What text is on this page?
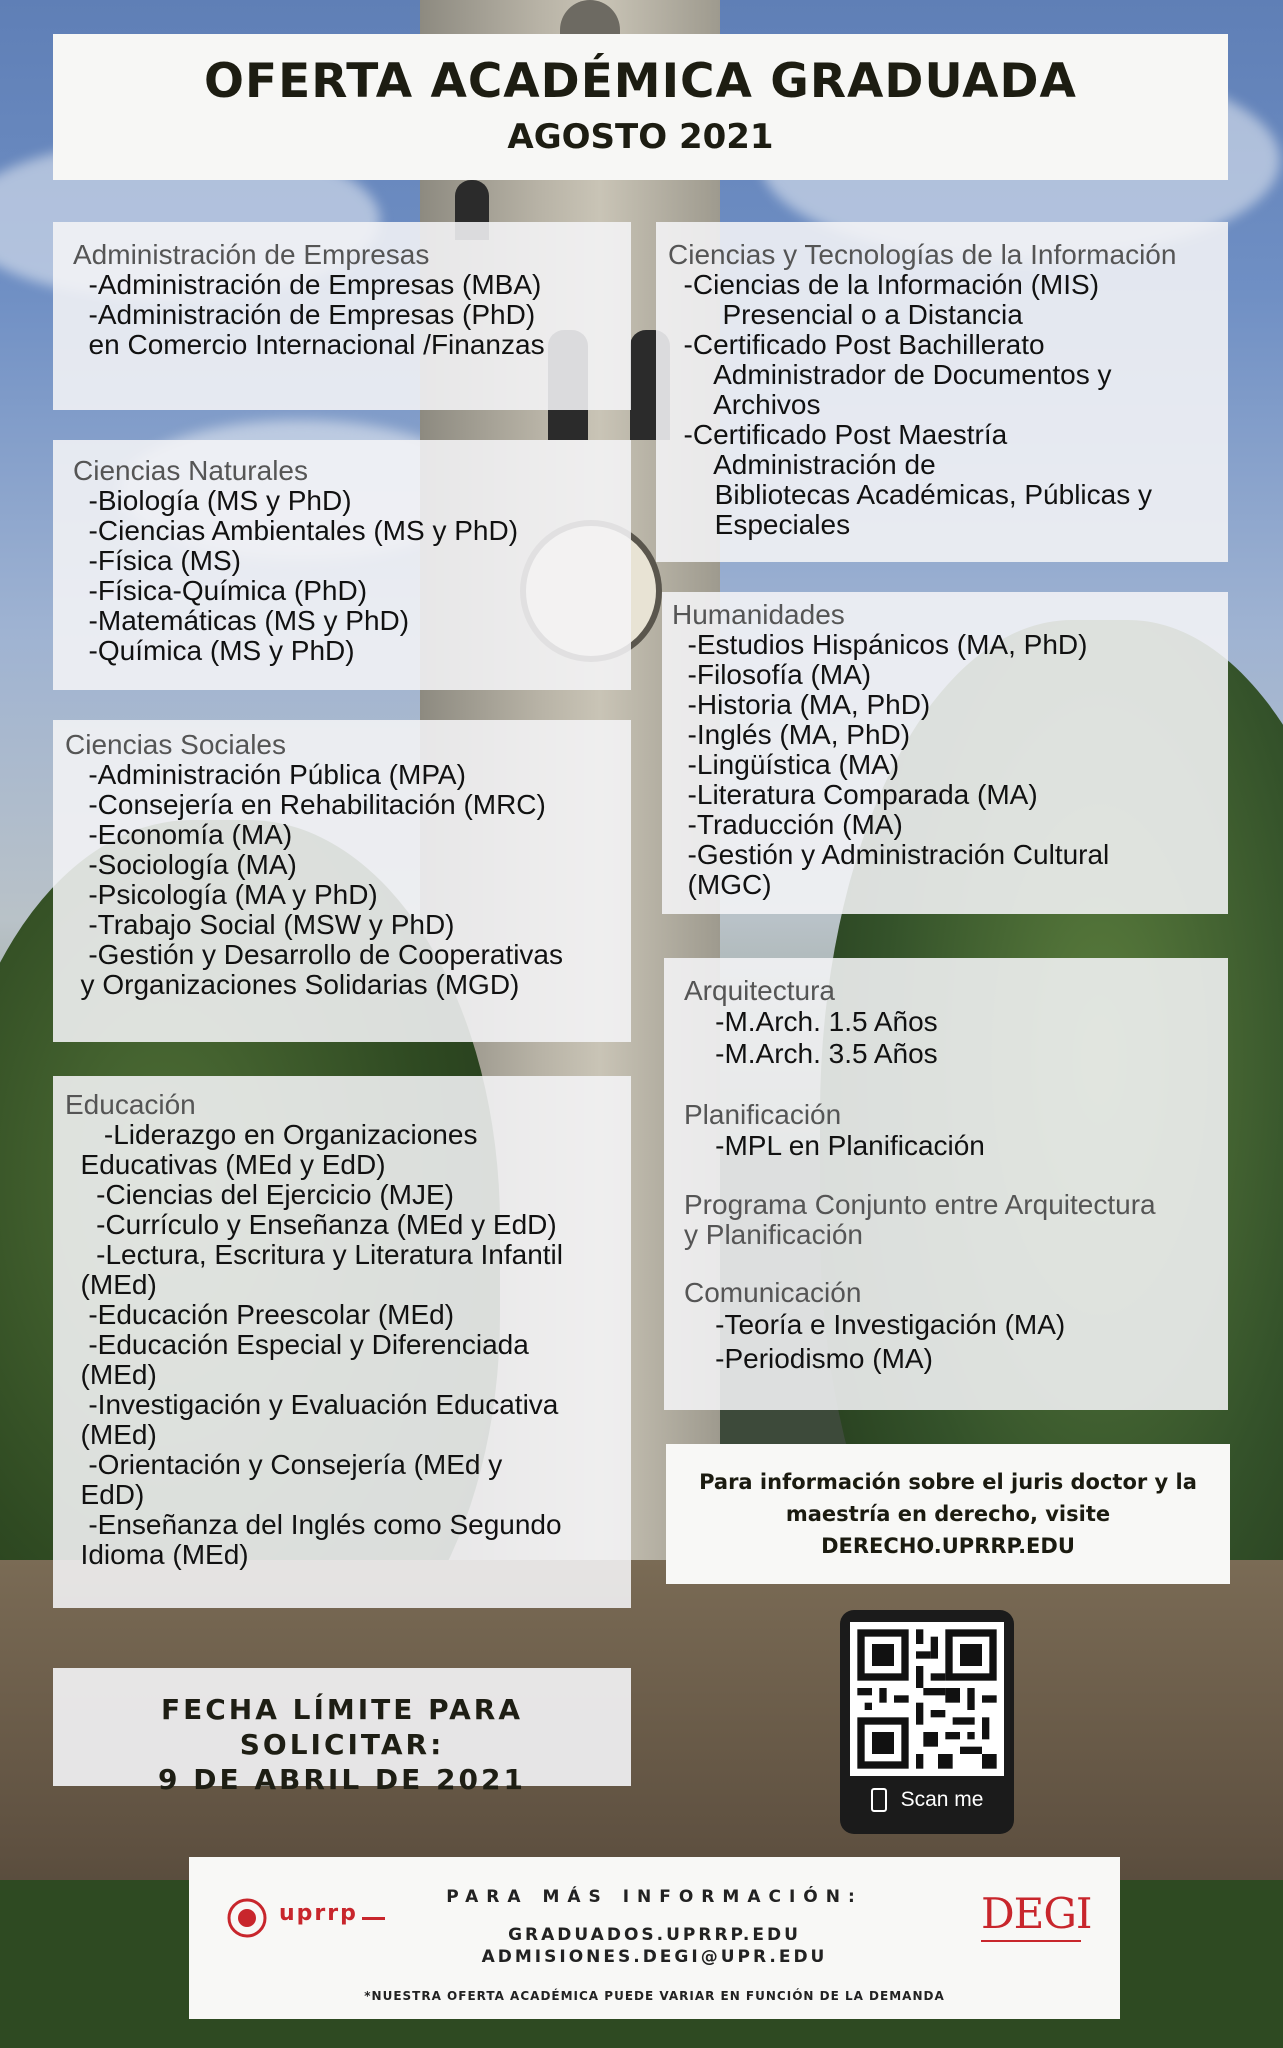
OFERTA ACADÉMICA GRADUADA
AGOSTO 2021
Administración de Empresas
-Administración de Empresas (MBA)
-Administración de Empresas (PhD)
en Comercio Internacional /Finanzas
Ciencias Naturales
-Biología (MS y PhD)
-Ciencias Ambientales (MS y PhD)
-Física (MS)
-Física-Química (PhD)
-Matemáticas (MS y PhD)
-Química (MS y PhD)
Ciencias Sociales
-Administración Pública (MPA)
-Consejería en Rehabilitación (MRC)
-Economía (MA)
-Sociología (MA)
-Psicología (MA y PhD)
-Trabajo Social (MSW y PhD)
-Gestión y Desarrollo de Cooperativas
y Organizaciones Solidarias (MGD)
Educación
-Liderazgo en Organizaciones
Educativas (MEd y EdD)
-Ciencias del Ejercicio (MJE)
-Currículo y Enseñanza (MEd y EdD)
-Lectura, Escritura y Literatura Infantil
(MEd)
-Educación Preescolar (MEd)
-Educación Especial y Diferenciada
(MEd)
-Investigación y Evaluación Educativa
(MEd)
-Orientación y Consejería (MEd y
EdD)
-Enseñanza del Inglés como Segundo
Idioma (MEd)
Ciencias y Tecnologías de la Información
-Ciencias de la Información (MIS)
Presencial o a Distancia
-Certificado Post Bachillerato
Administrador de Documentos y
Archivos
-Certificado Post Maestría
Administración de
Bibliotecas Académicas, Públicas y
Especiales
Humanidades
-Estudios Hispánicos (MA, PhD)
-Filosofía (MA)
-Historia (MA, PhD)
-Inglés (MA, PhD)
-Lingüística (MA)
-Literatura Comparada (MA)
-Traducción (MA)
-Gestión y Administración Cultural
(MGC)
Arquitectura
-M.Arch. 1.5 Años
-M.Arch. 3.5 Años
Planificación
-MPL en Planificación
Programa Conjunto entre Arquitectura
y Planificación
Comunicación
-Teoría e Investigación (MA)
-Periodismo (MA)
Para información sobre el juris doctor y la
maestría en derecho, visite
DERECHO.UPRRP.EDU
FECHA LÍMITE PARA SOLICITAR:
9 DE ABRIL DE 2021
Scan me
uprrp
PARA MÁS INFORMACIÓN:
GRADUADOS.UPRRP.EDU
ADMISIONES.DEGI@UPR.EDU
*NUESTRA OFERTA ACADÉMICA PUEDE VARIAR EN FUNCIÓN DE LA DEMANDA
DEGI
